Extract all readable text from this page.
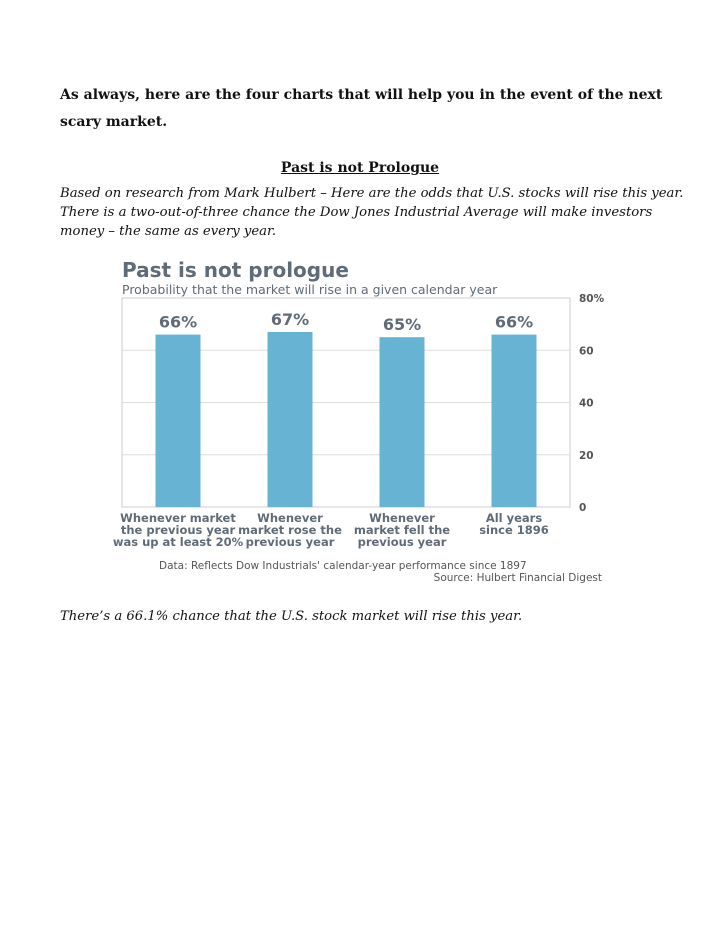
As always, here are the four charts that will help you in the event of the next
scary market.

Past is not Prologue

Based on research from Mark Hulbert – Here are the odds that U.S. stocks will rise this year.
There is a two-out-of-three chance the Dow Jones Industrial Average will make investors
money – the same as every year.

Past is not prologue
Probability that the market will rise in a given calendar year
80%
60
40
20
0
66%
Whenever market the previous year was up at least 20%
67%
Whenever market rose the previous year
65%
Whenever market fell the previous year
66%
All years since 1896
Data: Reflects Dow Industrials' calendar-year performance since 1897
Source: Hulbert Financial Digest

There’s a 66.1% chance that the U.S. stock market will rise this year.
